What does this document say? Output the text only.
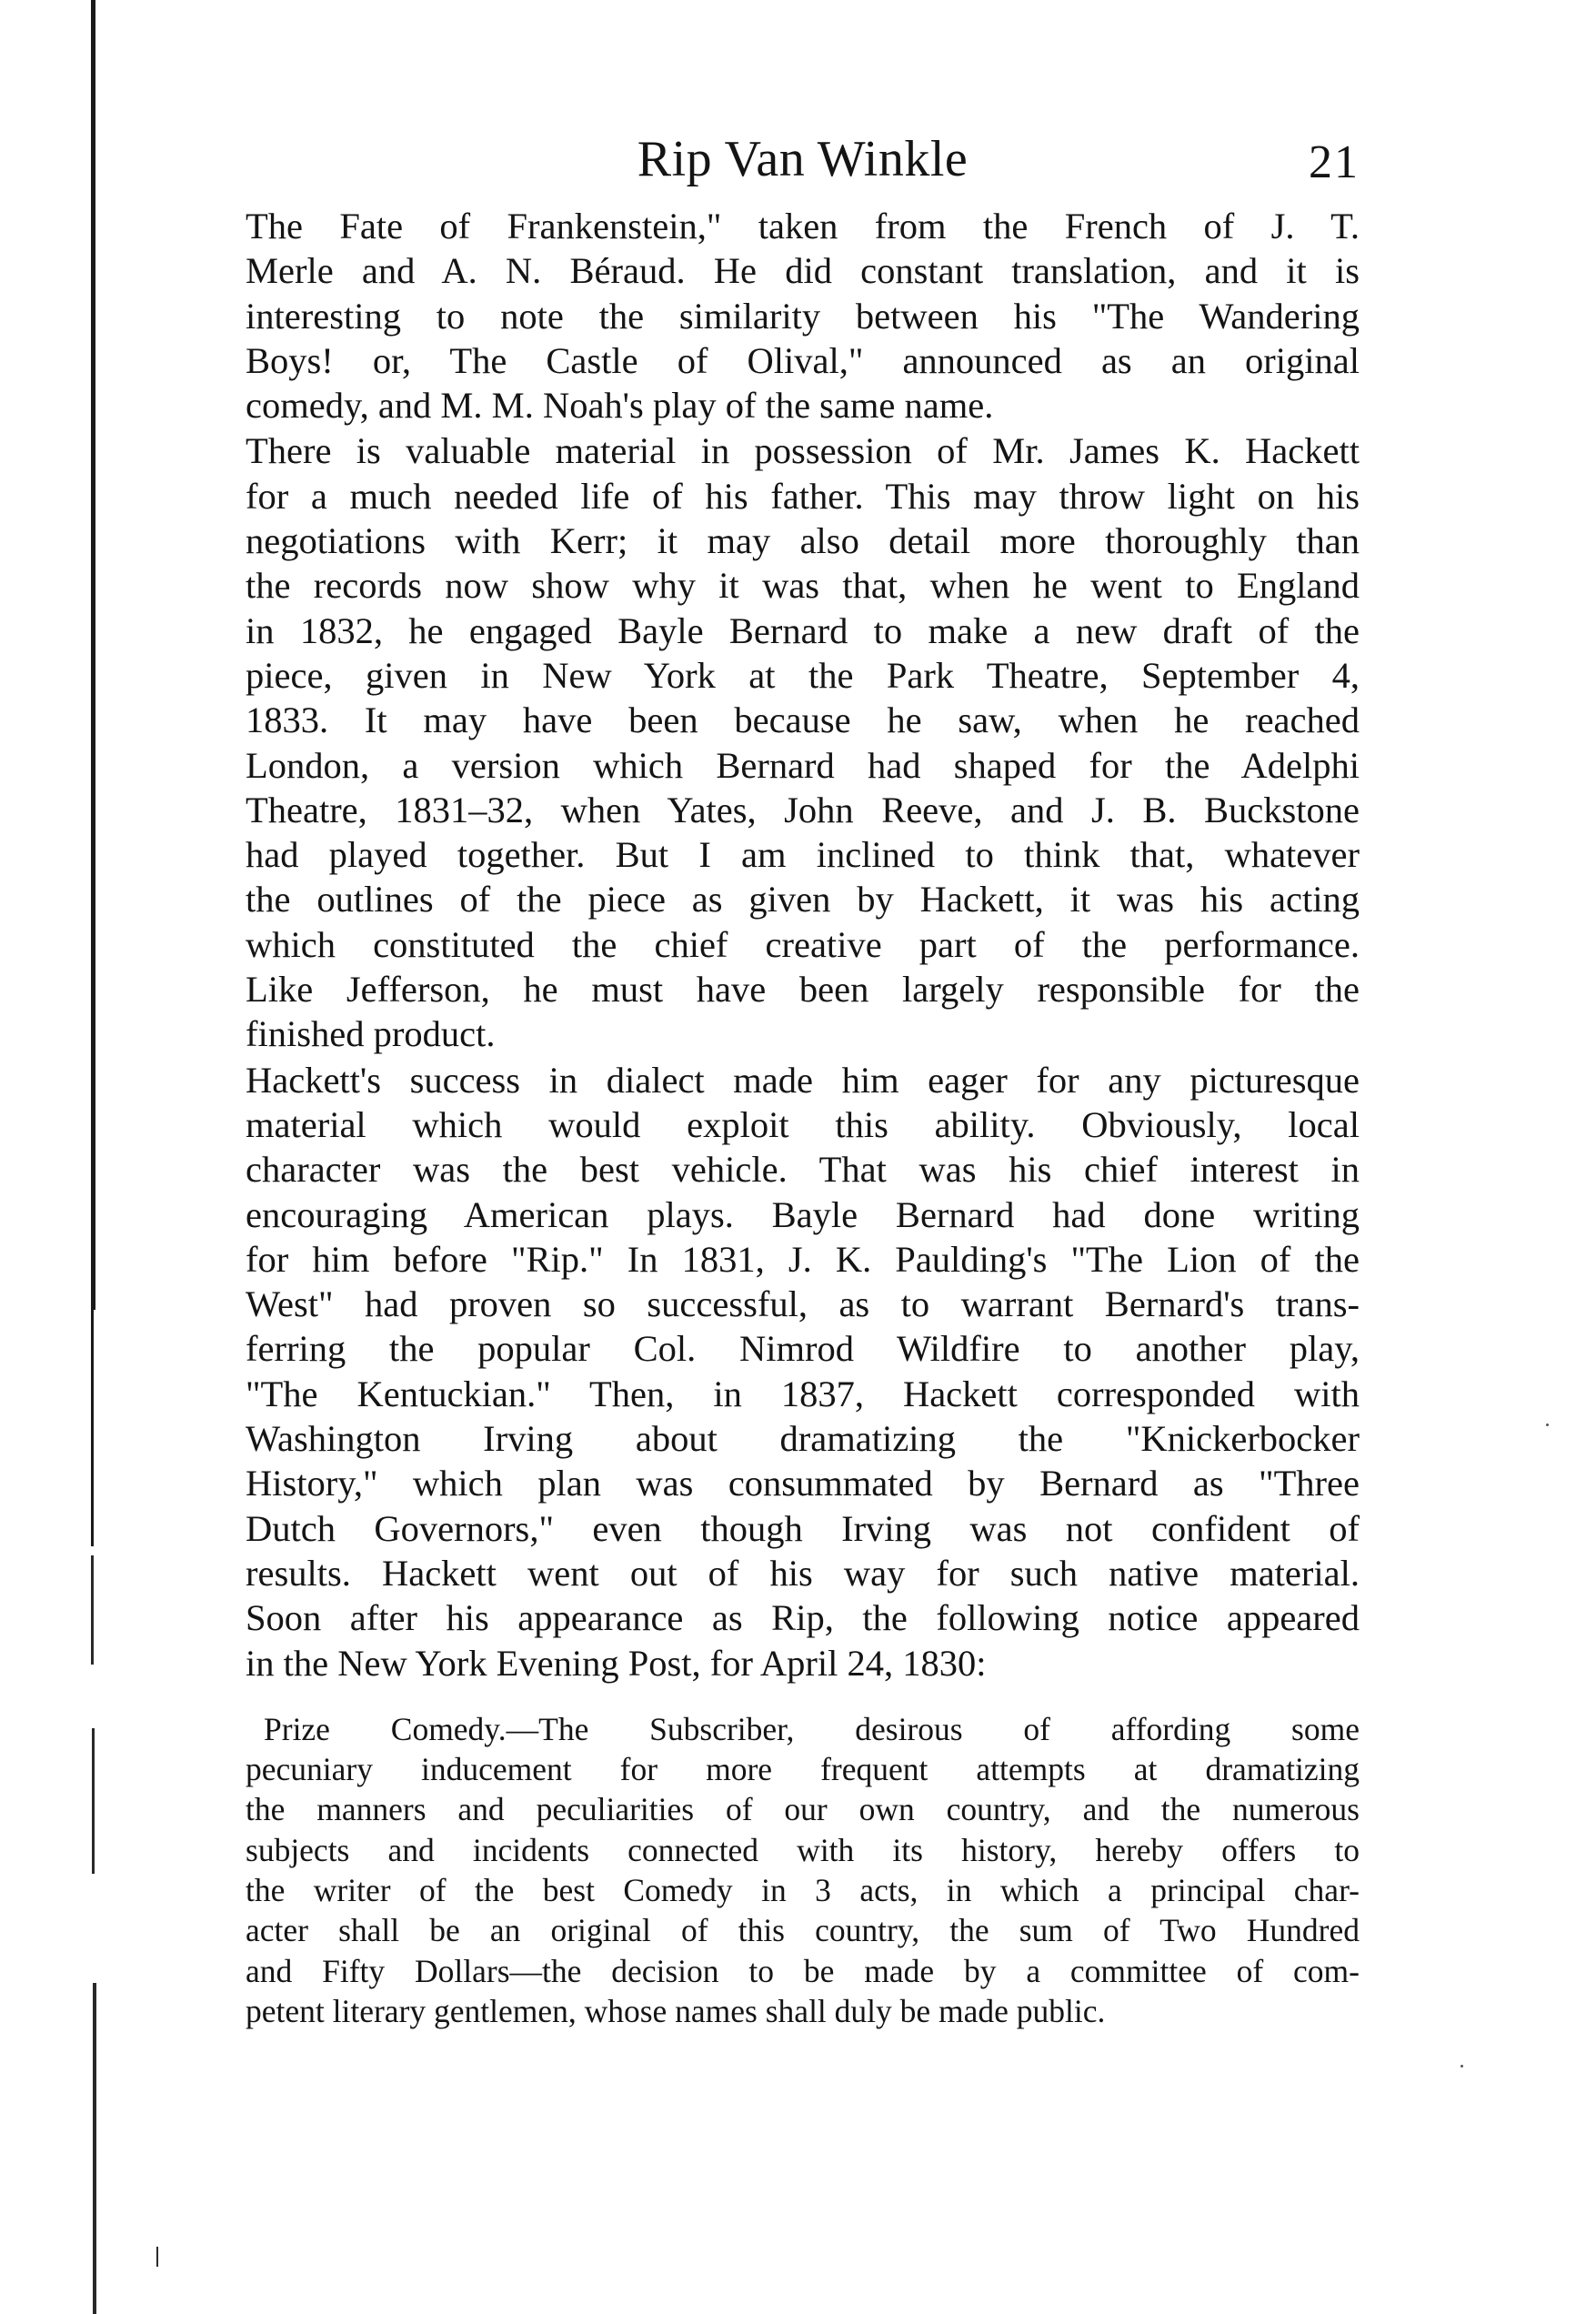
Rip Van Winkle	21
The Fate of Frankenstein," taken from the French of J. T.
Merle and A. N. Béraud. He did constant translation, and it is
interesting to note the similarity between his "The Wandering
Boys! or, The Castle of Olival," announced as an original
comedy, and M. M. Noah's play of the same name.
There is valuable material in possession of Mr. James K. Hackett
for a much needed life of his father. This may throw light on his
negotiations with Kerr; it may also detail more thoroughly than
the records now show why it was that, when he went to England
in 1832, he engaged Bayle Bernard to make a new draft of the
piece, given in New York at the Park Theatre, September 4,
1833. It may have been because he saw, when he reached
London, a version which Bernard had shaped for the Adelphi
Theatre, 1831–32, when Yates, John Reeve, and J. B. Buckstone
had played together. But I am inclined to think that, whatever
the outlines of the piece as given by Hackett, it was his acting
which constituted the chief creative part of the performance.
Like Jefferson, he must have been largely responsible for the
finished product.
Hackett's success in dialect made him eager for any picturesque
material which would exploit this ability. Obviously, local
character was the best vehicle. That was his chief interest in
encouraging American plays. Bayle Bernard had done writing
for him before "Rip." In 1831, J. K. Paulding's "The Lion of the
West" had proven so successful, as to warrant Bernard's trans-
ferring the popular Col. Nimrod Wildfire to another play,
"The Kentuckian." Then, in 1837, Hackett corresponded with
Washington Irving about dramatizing the "Knickerbocker
History," which plan was consummated by Bernard as "Three
Dutch Governors," even though Irving was not confident of
results. Hackett went out of his way for such native material.
Soon after his appearance as Rip, the following notice appeared
in the New York Evening Post, for April 24, 1830:
Prize Comedy.—The Subscriber, desirous of affording some
pecuniary inducement for more frequent attempts at dramatizing
the manners and peculiarities of our own country, and the numerous
subjects and incidents connected with its history, hereby offers to
the writer of the best Comedy in 3 acts, in which a principal char-
acter shall be an original of this country, the sum of Two Hundred
and Fifty Dollars—the decision to be made by a committee of com-
petent literary gentlemen, whose names shall duly be made public.
